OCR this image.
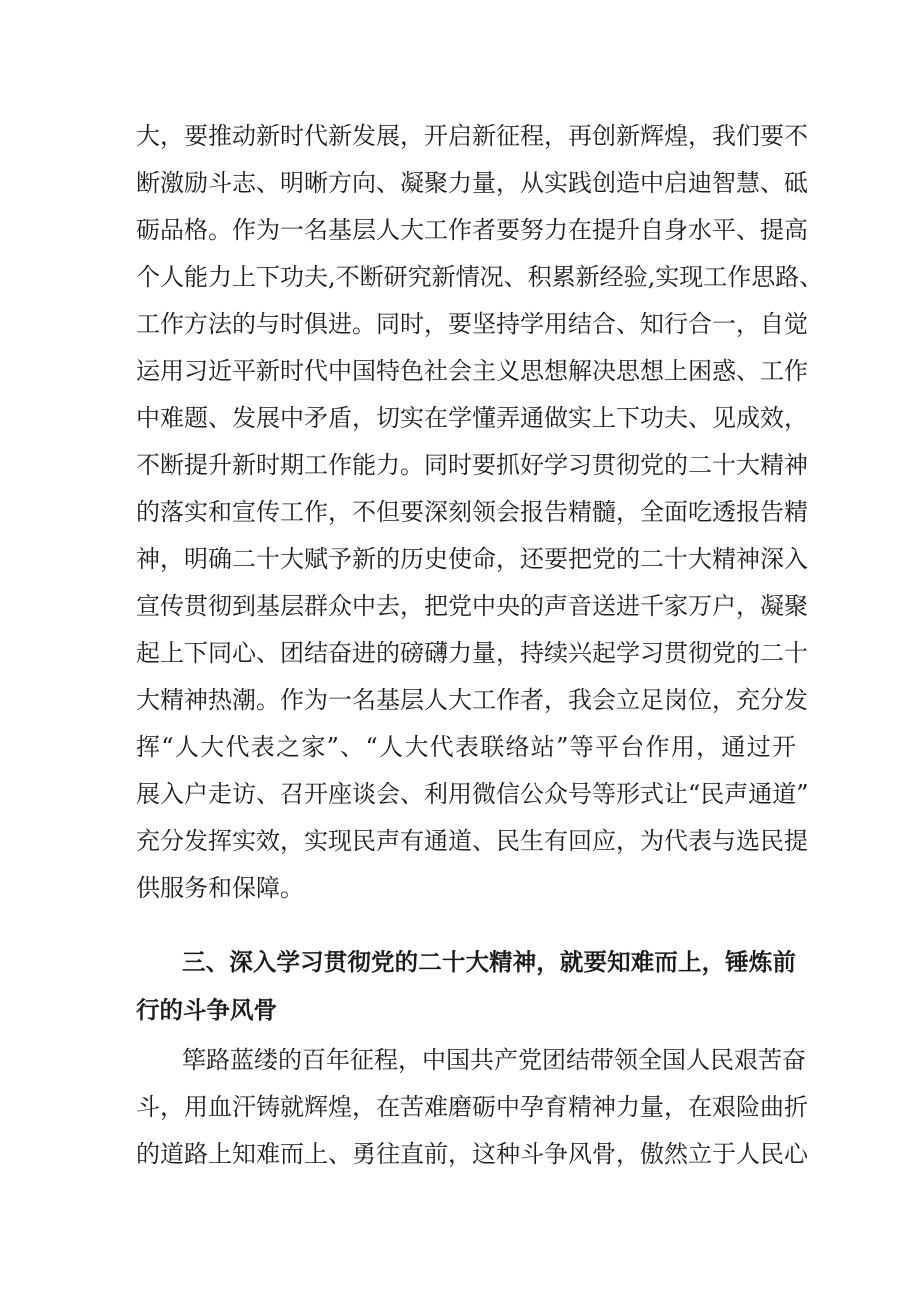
大，要推动新时代新发展，开启新征程，再创新辉煌，我们要不
断激励斗志、明晰方向、凝聚力量，从实践创造中启迪智慧、砥
砺品格。作为一名基层人大工作者要努力在提升自身水平、提高
个人能力上下功夫,不断研究新情况、积累新经验,实现工作思路、
工作方法的与时俱进。同时，要坚持学用结合、知行合一，自觉
运用习近平新时代中国特色社会主义思想解决思想上困惑、工作
中难题、发展中矛盾，切实在学懂弄通做实上下功夫、见成效，
不断提升新时期工作能力。同时要抓好学习贯彻党的二十大精神
的落实和宣传工作，不但要深刻领会报告精髓，全面吃透报告精
神，明确二十大赋予新的历史使命，还要把党的二十大精神深入
宣传贯彻到基层群众中去，把党中央的声音送进千家万户，凝聚
起上下同心、团结奋进的磅礴力量，持续兴起学习贯彻党的二十
大精神热潮。作为一名基层人大工作者，我会立足岗位，充分发
挥“人大代表之家”、“人大代表联络站”等平台作用，通过开
展入户走访、召开座谈会、利用微信公众号等形式让“民声通道”
充分发挥实效，实现民声有通道、民生有回应，为代表与选民提
供服务和保障。
三、深入学习贯彻党的二十大精神，就要知难而上，锤炼前
行的斗争风骨
筚路蓝缕的百年征程，中国共产党团结带领全国人民艰苦奋
斗，用血汗铸就辉煌，在苦难磨砺中孕育精神力量，在艰险曲折
的道路上知难而上、勇往直前，这种斗争风骨，傲然立于人民心
